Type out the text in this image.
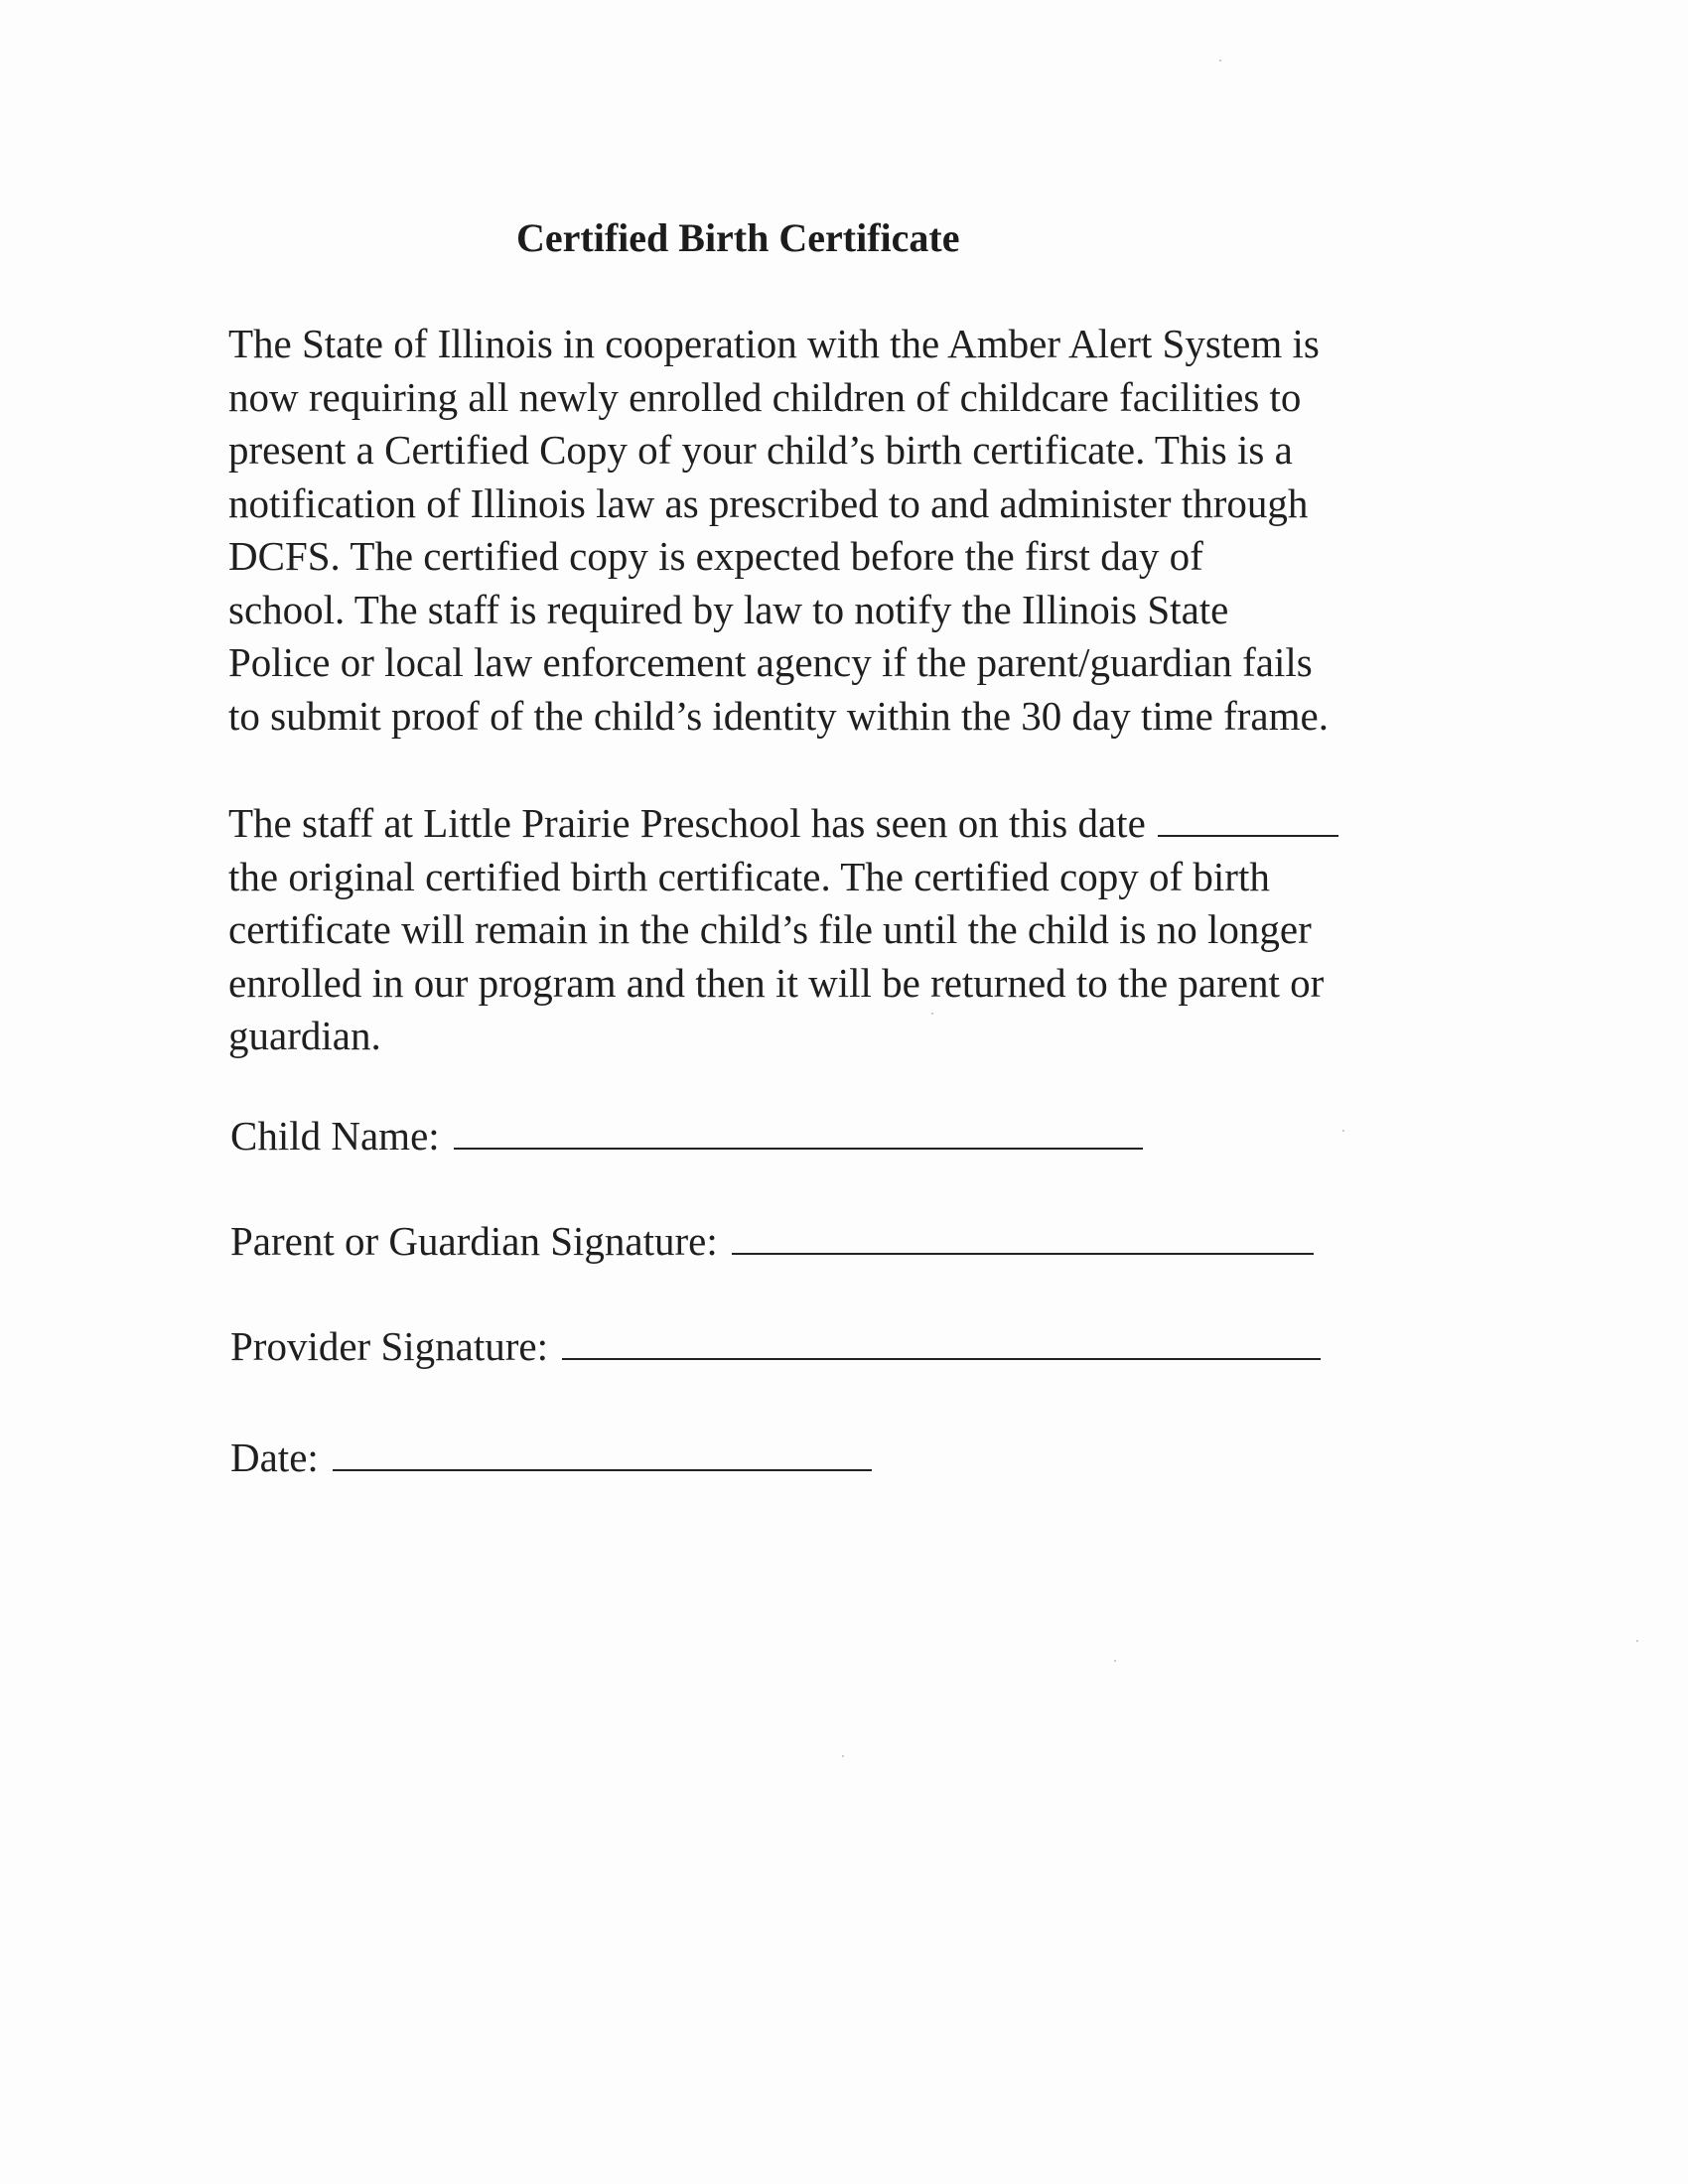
Certified Birth Certificate
The State of Illinois in cooperation with the Amber Alert System is
now requiring all newly enrolled children of childcare facilities to
present a Certified Copy of your child’s birth certificate. This is a
notification of Illinois law as prescribed to and administer through
DCFS. The certified copy is expected before the first day of
school. The staff is required by law to notify the Illinois State
Police or local law enforcement agency if the parent/guardian fails
to submit proof of the child’s identity within the 30 day time frame.
The staff at Little Prairie Preschool has seen on this date
the original certified birth certificate. The certified copy of birth
certificate will remain in the child’s file until the child is no longer
enrolled in our program and then it will be returned to the parent or
guardian.
Child Name:
Parent or Guardian Signature:
Provider Signature:
Date:
